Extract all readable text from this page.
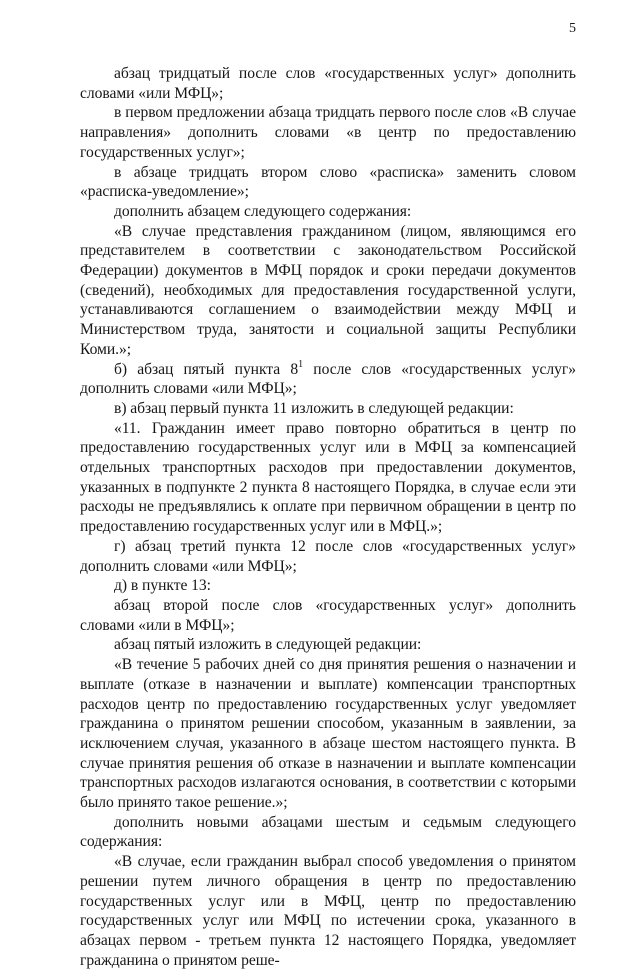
5

абзац тридцатый после слов «государственных услуг» дополнить словами «или МФЦ»;

в первом предложении абзаца тридцать первого после слов «В случае направления» дополнить словами «в центр по предоставлению государственных услуг»;

в абзаце тридцать втором слово «расписка» заменить словом «расписка-уведомление»;

дополнить абзацем следующего содержания:

«В случае представления гражданином (лицом, являющимся его представителем в соответствии с законодательством Российской Федерации) документов в МФЦ порядок и сроки передачи документов (сведений), необходимых для предоставления государственной услуги, устанавливаются соглашением о взаимодействии между МФЦ и Министерством труда, занятости и социальной защиты Республики Коми.»;

б) абзац пятый пункта $8^1$ после слов «государственных услуг» дополнить словами «или МФЦ»;

в) абзац первый пункта 11 изложить в следующей редакции:

«11. Гражданин имеет право повторно обратиться в центр по предоставлению государственных услуг или в МФЦ за компенсацией отдельных транспортных расходов при предоставлении документов, указанных в подпункте 2 пункта 8 настоящего Порядка, в случае если эти расходы не предъявлялись к оплате при первичном обращении в центр по предоставлению государственных услуг или в МФЦ.»;

г) абзац третий пункта 12 после слов «государственных услуг» дополнить словами «или МФЦ»;

д) в пункте 13:

абзац второй после слов «государственных услуг» дополнить словами «или в МФЦ»;

абзац пятый изложить в следующей редакции:

«В течение 5 рабочих дней со дня принятия решения о назначении и выплате (отказе в назначении и выплате) компенсации транспортных расходов центр по предоставлению государственных услуг уведомляет гражданина о принятом решении способом, указанным в заявлении, за исключением случая, указанного в абзаце шестом настоящего пункта. В случае принятия решения об отказе в назначении и выплате компенсации транспортных расходов излагаются основания, в соответствии с которыми было принято такое решение.»;

дополнить новыми абзацами шестым и седьмым следующего содержания:

«В случае, если гражданин выбрал способ уведомления о принятом решении путем личного обращения в центр по предоставлению государственных услуг или в МФЦ, центр по предоставлению государственных услуг или МФЦ по истечении срока, указанного в абзацах первом - третьем пункта 12 настоящего Порядка, уведомляет гражданина о принятом реше-
